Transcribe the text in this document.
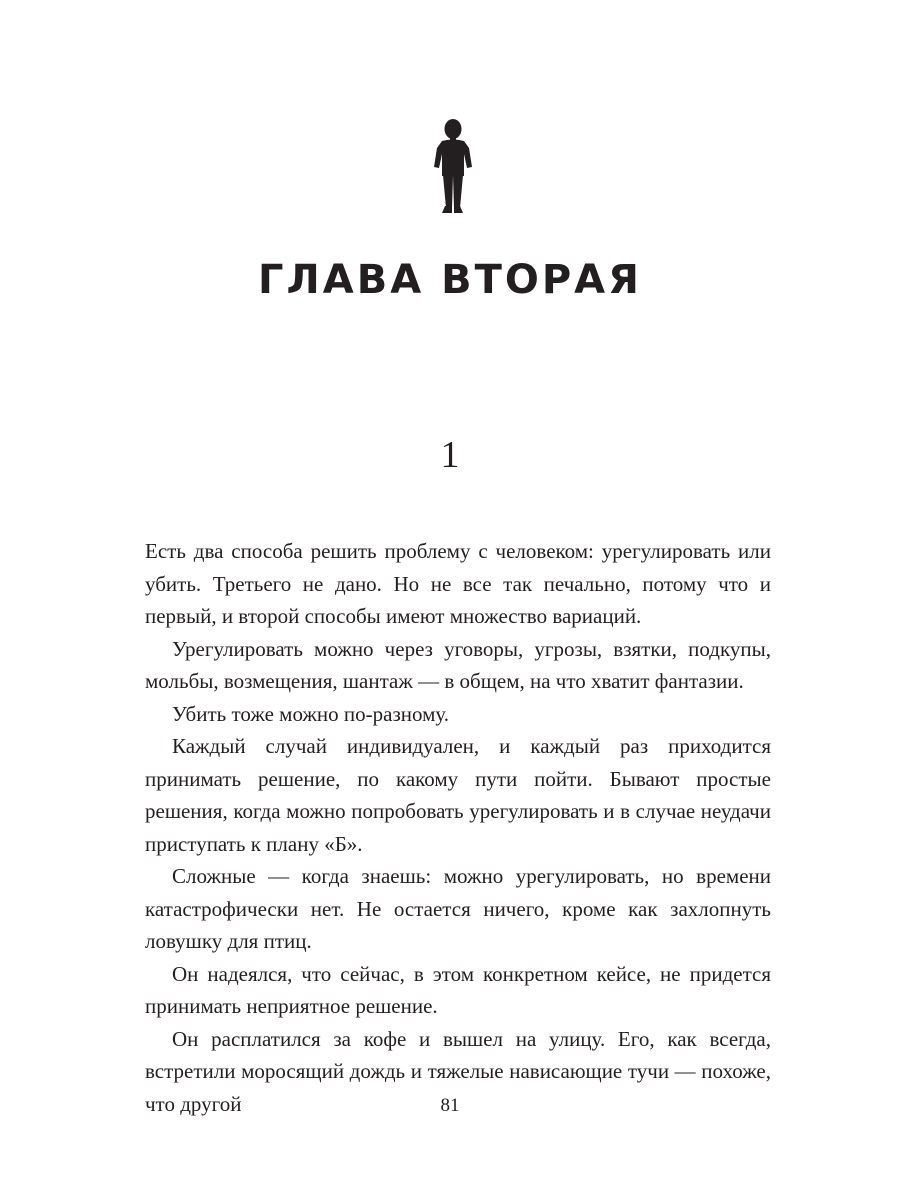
ГЛАВА ВТОРАЯ
1

Есть два способа решить проблему с человеком: урегулировать или убить. Третьего не дано. Но не все так печально, потому что и первый, и второй способы имеют множество вариаций.

Урегулировать можно через уговоры, угрозы, взятки, подкупы, мольбы, возмещения, шантаж — в общем, на что хватит фантазии.

Убить тоже можно по-разному.

Каждый случай индивидуален, и каждый раз приходится принимать решение, по какому пути пойти. Бывают простые решения, когда можно попробовать урегулировать и в случае неудачи приступать к плану «Б».

Сложные — когда знаешь: можно урегулировать, но времени катастрофически нет. Не остается ничего, кроме как захлопнуть ловушку для птиц.

Он надеялся, что сейчас, в этом конкретном кейсе, не придется принимать неприятное решение.

Он расплатился за кофе и вышел на улицу. Его, как всегда, встретили моросящий дождь и тяжелые нависающие тучи — похоже, что другой	81
